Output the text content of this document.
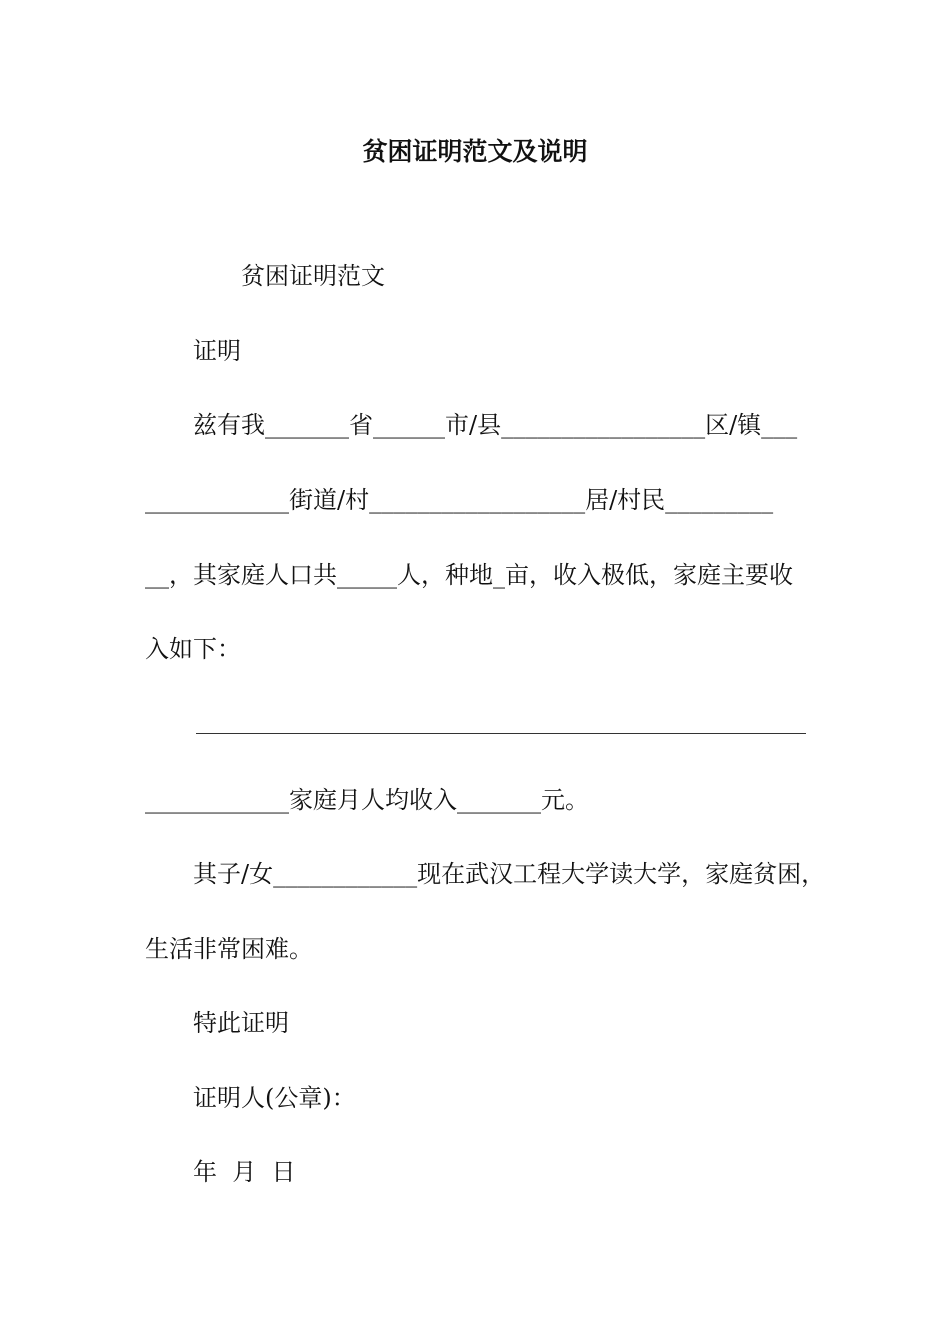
贫困证明范文及说明
贫困证明范文
证明
兹有我_______省______市/县_________________区/镇___
____________街道/村__________________居/村民_________
__，其家庭人口共_____人，种地_亩，收入极低，家庭主要收
入如下：
____________家庭月人均收入_______元。
其子/女____________现在武汉工程大学读大学，家庭贫困，
生活非常困难。
特此证明
证明人(公章)：
年  月  日
